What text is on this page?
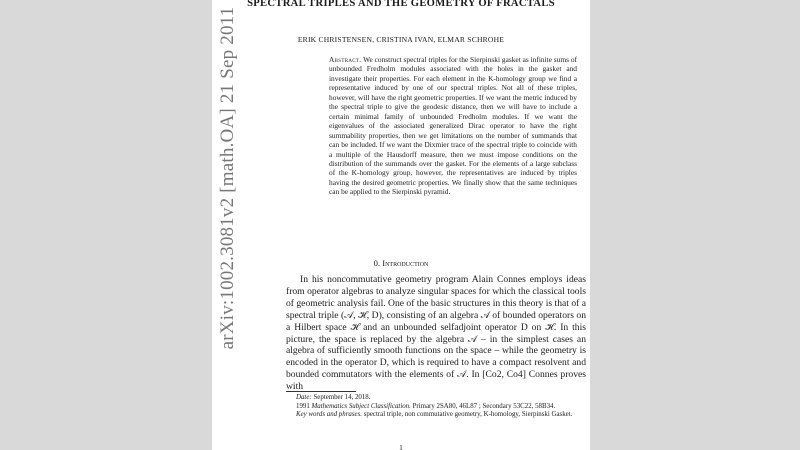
SPECTRAL TRIPLES AND THE GEOMETRY OF FRACTALS
ERIK CHRISTENSEN, CRISTINA IVAN, ELMAR SCHROHE
Abstract. We construct spectral triples for the Sierpinski gasket as infinite sums of unbounded Fredholm modules associated with the holes in the gasket and investigate their properties. For each element in the K-homology group we find a representative induced by one of our spectral triples. Not all of these triples, however, will have the right geometric properties. If we want the metric induced by the spectral triple to give the geodesic distance, then we will have to include a certain minimal family of unbounded Fredholm modules. If we want the eigenvalues of the associated generalized Dirac operator to have the right summability properties, then we get limitations on the number of summands that can be included. If we want the Dixmier trace of the spectral triple to coincide with a multiple of the Hausdorff measure, then we must impose conditions on the distribution of the summands over the gasket. For the elements of a large subclass of the K-homology group, however, the representatives are induced by triples having the desired geometric properties. We finally show that the same techniques can be applied to the Sierpinski pyramid.
0. Introduction
In his noncommutative geometry program Alain Connes employs ideas from operator algebras to analyze singular spaces for which the classical tools of geometric analysis fail. One of the basic structures in this theory is that of a spectral triple (𝒜, ℋ, D), consisting of an algebra 𝒜 of bounded operators on a Hilbert space ℋ and an unbounded selfadjoint operator D on ℋ. In this picture, the space is replaced by the algebra 𝒜 – in the simplest cases an algebra of sufficiently smooth functions on the space – while the geometry is encoded in the operator D, which is required to have a compact resolvent and bounded commutators with the elements of 𝒜. In [Co2, Co4] Connes proves with

Date: September 14, 2018.

1991 Mathematics Subject Classification. Primary 2SA80, 46L87 ; Secondary 53C22, 58B34.

Key words and phrases. spectral triple, non commutative geometry, K-homology, Sierpinski Gasket.

1
arXiv:1002.3081v2 [math.OA] 21 Sep 2011
